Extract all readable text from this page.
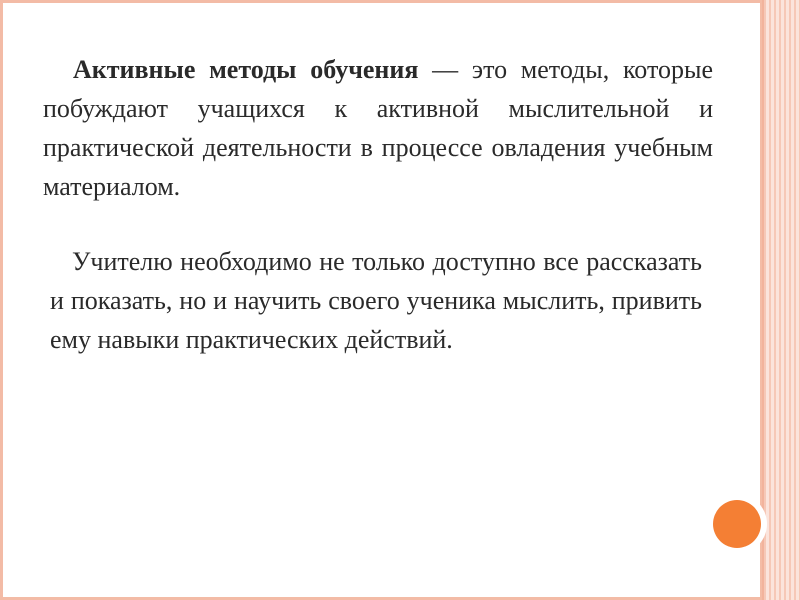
Активные методы обучения — это методы, которые побуждают учащихся к активной мыслительной и практической деятельности в процессе овладения учебным материалом.

Учителю необходимо не только доступно все рассказать и показать, но и научить своего ученика мыслить, привить ему навыки практических действий.
